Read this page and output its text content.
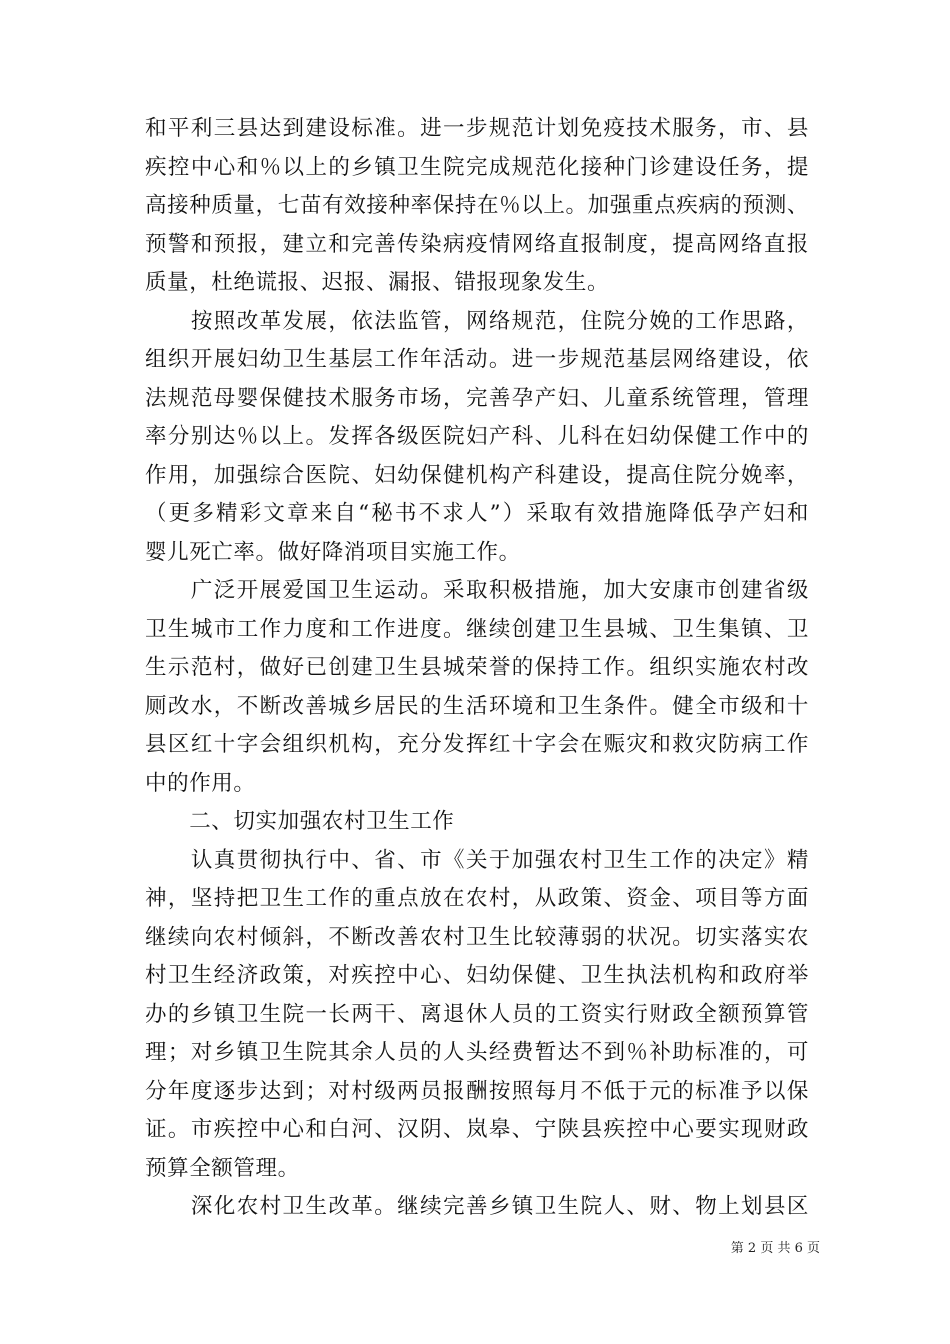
和平利三县达到建设标准。进一步规范计划免疫技术服务，市、县
疾控中心和％以上的乡镇卫生院完成规范化接种门诊建设任务，提
高接种质量，七苗有效接种率保持在％以上。加强重点疾病的预测、
预警和预报，建立和完善传染病疫情网络直报制度，提高网络直报
质量，杜绝谎报、迟报、漏报、错报现象发生。
　　按照改革发展，依法监管，网络规范，住院分娩的工作思路，
组织开展妇幼卫生基层工作年活动。进一步规范基层网络建设，依
法规范母婴保健技术服务市场，完善孕产妇、儿童系统管理，管理
率分别达％以上。发挥各级医院妇产科、儿科在妇幼保健工作中的
作用，加强综合医院、妇幼保健机构产科建设，提高住院分娩率，
（更多精彩文章来自“秘书不求人”）采取有效措施降低孕产妇和
婴儿死亡率。做好降消项目实施工作。
　　广泛开展爱国卫生运动。采取积极措施，加大安康市创建省级
卫生城市工作力度和工作进度。继续创建卫生县城、卫生集镇、卫
生示范村，做好已创建卫生县城荣誉的保持工作。组织实施农村改
厕改水，不断改善城乡居民的生活环境和卫生条件。健全市级和十
县区红十字会组织机构，充分发挥红十字会在赈灾和救灾防病工作
中的作用。
　　二、切实加强农村卫生工作
　　认真贯彻执行中、省、市《关于加强农村卫生工作的决定》精
神，坚持把卫生工作的重点放在农村，从政策、资金、项目等方面
继续向农村倾斜，不断改善农村卫生比较薄弱的状况。切实落实农
村卫生经济政策，对疾控中心、妇幼保健、卫生执法机构和政府举
办的乡镇卫生院一长两干、离退休人员的工资实行财政全额预算管
理；对乡镇卫生院其余人员的人头经费暂达不到％补助标准的，可
分年度逐步达到；对村级两员报酬按照每月不低于元的标准予以保
证。市疾控中心和白河、汉阴、岚皋、宁陕县疾控中心要实现财政
预算全额管理。
　　深化农村卫生改革。继续完善乡镇卫生院人、财、物上划县区
第 2 页 共 6 页
